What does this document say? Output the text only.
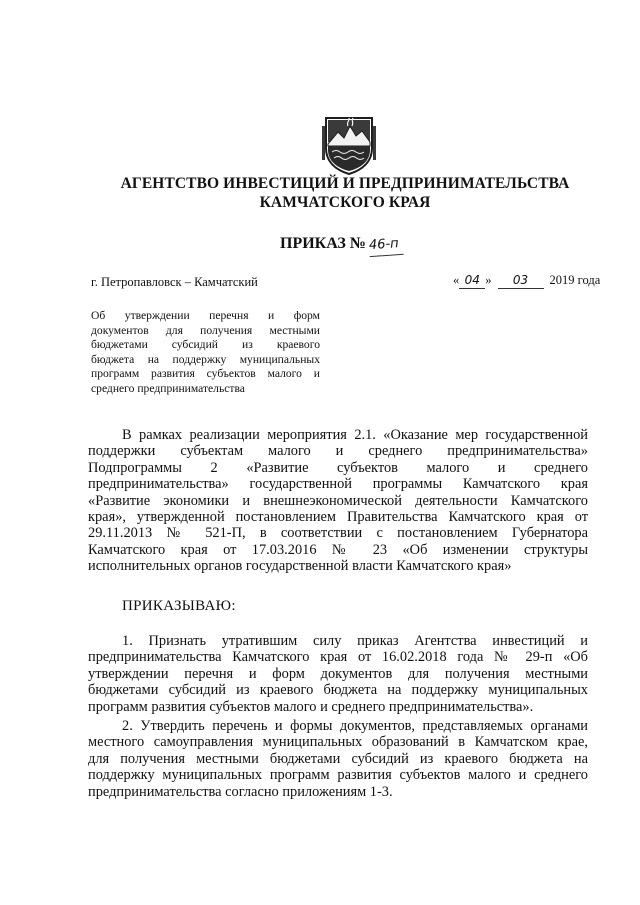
АГЕНТСТВО ИНВЕСТИЦИЙ И ПРЕДПРИНИМАТЕЛЬСТВА
КАМЧАТСКОГО КРАЯ
ПРИКАЗ № 46-п
г. Петропавловск – Камчатский	« 04 » 03 2019 года
Об утверждении перечня и форм
документов для получения местными
бюджетами субсидий из краевого
бюджета на поддержку муниципальных
программ развития субъектов малого и
среднего предпринимательства
В рамках реализации мероприятия 2.1. «Оказание мер государственной
поддержки субъектам малого и среднего предпринимательства»
Подпрограммы 2 «Развитие субъектов малого и среднего
предпринимательства» государственной программы Камчатского края
«Развитие экономики и внешнеэкономической деятельности Камчатского
края», утвержденной постановлением Правительства Камчатского края от
29.11.2013 № 521-П, в соответствии с постановлением Губернатора
Камчатского края от 17.03.2016 № 23 «Об изменении структуры
исполнительных органов государственной власти Камчатского края»
ПРИКАЗЫВАЮ:
1. Признать утратившим силу приказ Агентства инвестиций и
предпринимательства Камчатского края от 16.02.2018 года № 29-п «Об
утверждении перечня и форм документов для получения местными
бюджетами субсидий из краевого бюджета на поддержку муниципальных
программ развития субъектов малого и среднего предпринимательства».
2. Утвердить перечень и формы документов, представляемых органами
местного самоуправления муниципальных образований в Камчатском крае,
для получения местными бюджетами субсидий из краевого бюджета на
поддержку муниципальных программ развития субъектов малого и среднего
предпринимательства согласно приложениям 1-3.
